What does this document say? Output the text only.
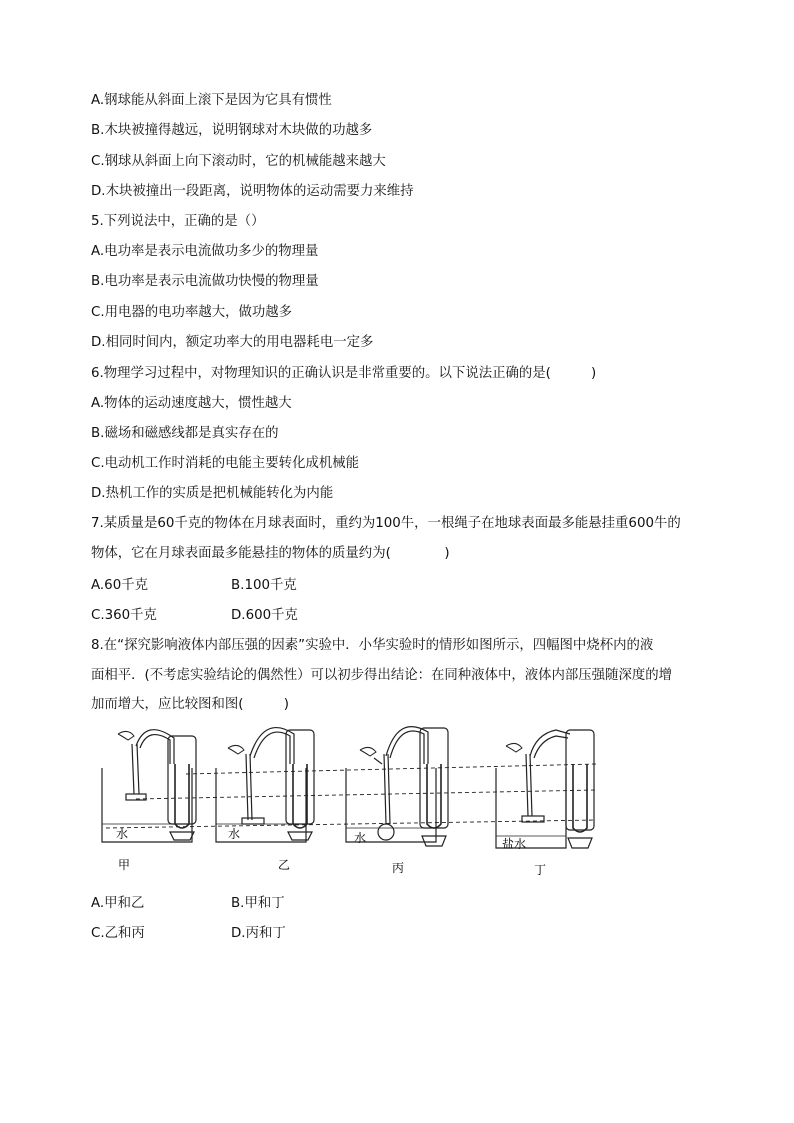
A.钢球能从斜面上滚下是因为它具有惯性
B.木块被撞得越远，说明钢球对木块做的功越多
C.钢球从斜面上向下滚动时，它的机械能越来越大
D.木块被撞出一段距离，说明物体的运动需要力来维持
5.下列说法中，正确的是（）
A.电功率是表示电流做功多少的物理量
B.电功率是表示电流做功快慢的物理量
C.用电器的电功率越大，做功越多
D.相同时间内，额定功率大的用电器耗电一定多
6.物理学习过程中，对物理知识的正确认识是非常重要的。以下说法正确的是(　　　)
A.物体的运动速度越大，惯性越大
B.磁场和磁感线都是真实存在的
C.电动机工作时消耗的电能主要转化成机械能
D.热机工作的实质是把机械能转化为内能
7.某质量是60千克的物体在月球表面时，重约为100牛，一根绳子在地球表面最多能悬挂重600牛的
物体，它在月球表面最多能悬挂的物体的质量约为(　　　　)
A.60千克	B.100千克
C.360千克	D.600千克
8.在“探究影响液体内部压强的因素”实验中．小华实验时的情形如图所示，四幅图中烧杯内的液
面相平．(不考虑实验结论的偶然性）可以初步得出结论：在同种液体中，液体内部压强随深度的增
加而增大，应比较图和图(　　　)
水	水	水	盐水
甲	乙	丙	丁
A.甲和乙	B.甲和丁
C.乙和丙	D.丙和丁
